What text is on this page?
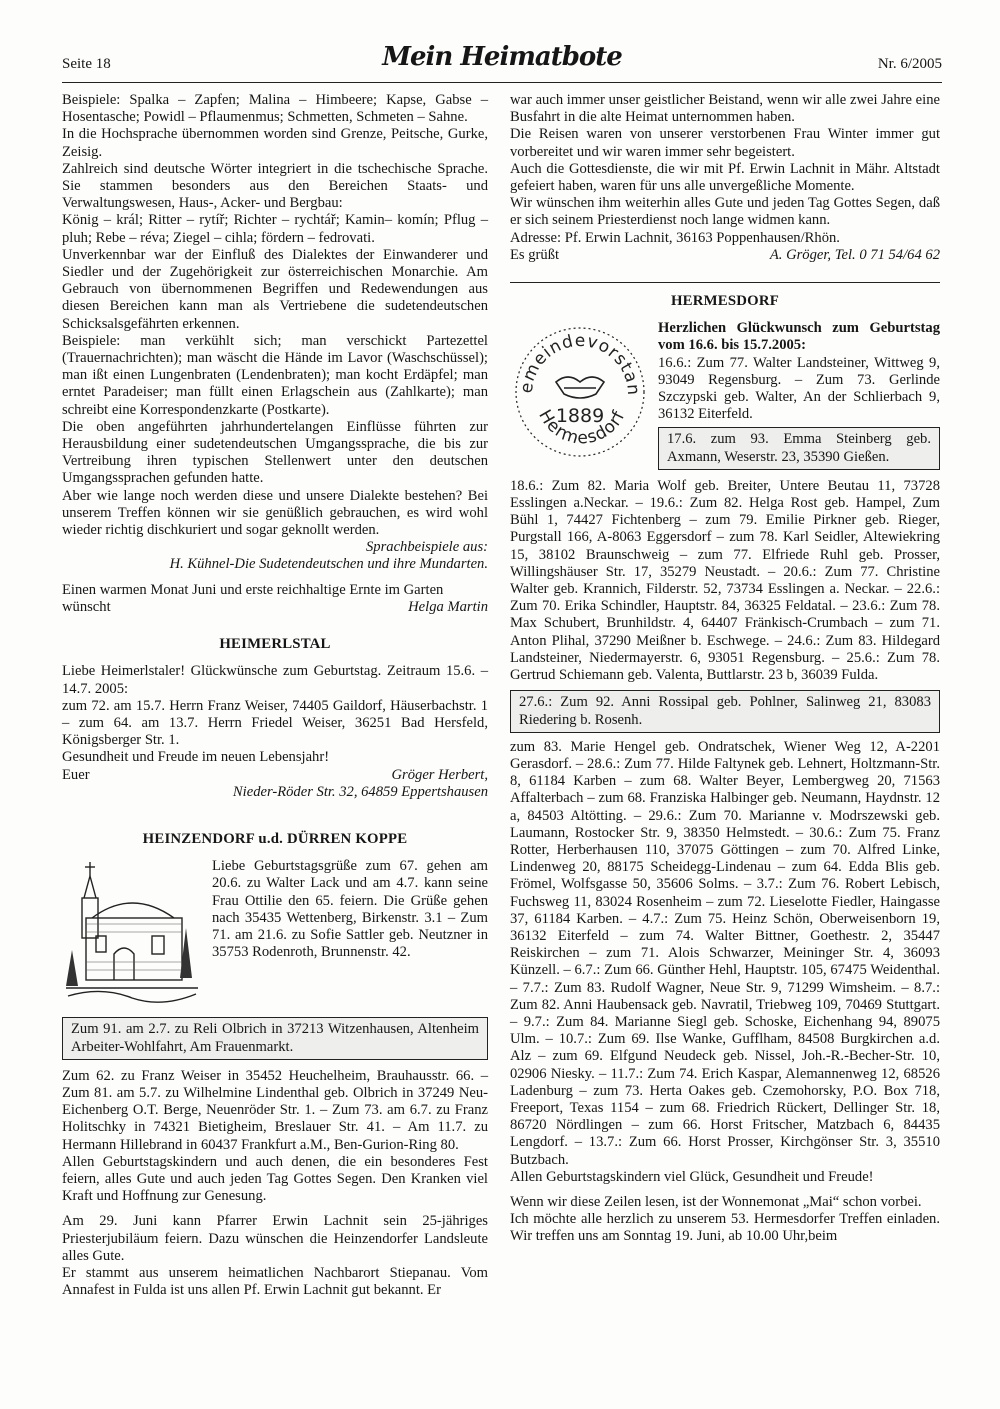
Seite 18	Mein Heimatbote	Nr. 6/2005

Beispiele: Spalka – Zapfen; Malina – Himbeere; Kapse, Gabse – Hosentasche; Powidl – Pflaumenmus; Schmetten, Schmeten – Sahne.

In die Hochsprache übernommen worden sind Grenze, Peitsche, Gurke, Zeisig.

Zahlreich sind deutsche Wörter integriert in die tschechische Sprache. Sie stammen besonders aus den Bereichen Staats- und Verwaltungswesen, Haus-, Acker- und Bergbau:

König – král; Ritter – rytíř; Richter – rychtář; Kamin– komín; Pflug – pluh; Rebe – réva; Ziegel – cihla; fördern – fedrovati.

Unverkennbar war der Einfluß des Dialektes der Einwanderer und Siedler und der Zugehörigkeit zur österreichischen Monarchie. Am Gebrauch von übernommenen Begriffen und Redewendungen aus diesen Bereichen kann man als Vertriebene die sudetendeutschen Schicksalsgefährten erkennen.

Beispiele: man verkühlt sich; man verschickt Partezettel (Trauernachrichten); man wäscht die Hände im Lavor (Waschschüssel); man ißt einen Lungenbraten (Lendenbraten); man kocht Erdäpfel; man erntet Paradeiser; man füllt einen Erlagschein aus (Zahlkarte); man schreibt eine Korrespondenzkarte (Postkarte).

Die oben angeführten jahrhundertelangen Einflüsse führten zur Herausbildung einer sudetendeutschen Umgangssprache, die bis zur Vertreibung ihren typischen Stellenwert unter den deutschen Umgangssprachen gefunden hatte.

Aber wie lange noch werden diese und unsere Dialekte bestehen? Bei unserem Treffen können wir sie genüßlich gebrauchen, es wird wohl wieder richtig dischkuriert und sogar geknollt werden.

Sprachbeispiele aus:

H. Kühnel-Die Sudetendeutschen und ihre Mundarten.

Einen warmen Monat Juni und erste reichhaltige Ernte im Garten

wünscht	Helga Martin
HEIMERLSTAL

Liebe Heimerlstaler! Glückwünsche zum Geburtstag. Zeitraum 15.6. – 14.7. 2005:

zum 72. am 15.7. Herrn Franz Weiser, 74405 Gaildorf, Häuserbachstr. 1 – zum 64. am 13.7. Herrn Friedel Weiser, 36251 Bad Hersfeld, Königsberger Str. 1.

Gesundheit und Freude im neuen Lebensjahr!

Euer	Gröger Herbert,

Nieder-Röder Str. 32, 64859 Eppertshausen

HEINZENDORF u.d. DÜRREN KOPPE

Liebe Geburtstagsgrüße zum 67. gehen am 20.6. zu Walter Lack und am 4.7. kann seine Frau Ottilie den 65. feiern. Die Grüße gehen nach 35435 Wettenberg, Birkenstr. 3.1 – Zum 71. am 21.6. zu Sofie Sattler geb. Neutzner in 35753 Rodenroth, Brunnenstr. 42.

Zum 91. am 2.7. zu Reli Olbrich in 37213 Witzenhausen, Altenheim Arbeiter-Wohlfahrt, Am Frauenmarkt.

Zum 62. zu Franz Weiser in 35452 Heuchelheim, Brauhausstr. 66. – Zum 81. am 5.7. zu Wilhelmine Lindenthal geb. Olbrich in 37249 Neu-Eichenberg O.T. Berge, Neuenröder Str. 1. – Zum 73. am 6.7. zu Franz Holitschky in 74321 Bietigheim, Breslauer Str. 41. – Am 11.7. zu Hermann Hillebrand in 60437 Frankfurt a.M., Ben-Gurion-Ring 80.

Allen Geburtstagskindern und auch denen, die ein besonderes Fest feiern, alles Gute und auch jeden Tag Gottes Segen. Den Kranken viel Kraft und Hoffnung zur Genesung.

Am 29. Juni kann Pfarrer Erwin Lachnit sein 25-jähriges Priesterjubiläum feiern. Dazu wünschen die Heinzendorfer Landsleute alles Gute.

Er stammt aus unserem heimatlichen Nachbarort Stiepanau. Vom Annafest in Fulda ist uns allen Pf. Erwin Lachnit gut bekannt. Er

war auch immer unser geistlicher Beistand, wenn wir alle zwei Jahre eine Busfahrt in die alte Heimat unternommen haben.

Die Reisen waren von unserer verstorbenen Frau Winter immer gut vorbereitet und wir waren immer sehr begeistert.

Auch die Gottesdienste, die wir mit Pf. Erwin Lachnit in Mähr. Altstadt gefeiert haben, waren für uns alle unvergeßliche Momente.

Wir wünschen ihm weiterhin alles Gute und jeden Tag Gottes Segen, daß er sich seinem Priesterdienst noch lange widmen kann.

Adresse: Pf. Erwin Lachnit, 36163 Poppenhausen/Rhön.

Es grüßt	A. Gröger, Tel. 0 71 54/64 62
HERMESDORF
emeindevorstan
Hermesdorf
1889

Herzlichen Glückwunsch zum Geburtstag vom 16.6. bis 15.7.2005:

16.6.: Zum 77. Walter Landsteiner, Wittweg 9, 93049 Regensburg. – Zum 73. Gerlinde Szczypski geb. Walter, An der Schlierbach 9, 36132 Eiterfeld.

17.6. zum 93. Emma Steinberg geb. Axmann, Weserstr. 23, 35390 Gießen.

18.6.: Zum 82. Maria Wolf geb. Breiter, Untere Beutau 11, 73728 Esslingen a.Neckar. – 19.6.: Zum 82. Helga Rost geb. Hampel, Zum Bühl 1, 74427 Fichtenberg – zum 79. Emilie Pirkner geb. Rieger, Purgstall 166, A-8063 Eggersdorf – zum 78. Karl Seidler, Altewiekring 15, 38102 Braunschweig – zum 77. Elfriede Ruhl geb. Prosser, Willingshäuser Str. 17, 35279 Neustadt. – 20.6.: Zum 77. Christine Walter geb. Krannich, Filderstr. 52, 73734 Esslingen a. Neckar. – 22.6.: Zum 70. Erika Schindler, Hauptstr. 84, 36325 Feldatal. – 23.6.: Zum 78. Max Schubert, Brunhildstr. 4, 64407 Fränkisch-Crumbach – zum 71. Anton Plihal, 37290 Meißner b. Eschwege. – 24.6.: Zum 83. Hildegard Landsteiner, Niedermayerstr. 6, 93051 Regensburg. – 25.6.: Zum 78. Gertrud Schiemann geb. Valenta, Buttlarstr. 23 b, 36039 Fulda.

27.6.: Zum 92. Anni Rossipal geb. Pohlner, Salinweg 21, 83083 Riedering b. Rosenh.

zum 83. Marie Hengel geb. Ondratschek, Wiener Weg 12, A-2201 Gerasdorf. – 28.6.: Zum 77. Hilde Faltynek geb. Lehnert, Holtzmann-Str. 8, 61184 Karben – zum 68. Walter Beyer, Lembergweg 20, 71563 Affalterbach – zum 68. Franziska Halbinger geb. Neumann, Haydnstr. 12 a, 84503 Altötting. – 29.6.: Zum 70. Marianne v. Modrszewski geb. Laumann, Rostocker Str. 9, 38350 Helmstedt. – 30.6.: Zum 75. Franz Rotter, Herberhausen 110, 37075 Göttingen – zum 70. Alfred Linke, Lindenweg 20, 88175 Scheidegg-Lindenau – zum 64. Edda Blis geb. Frömel, Wolfsgasse 50, 35606 Solms. – 3.7.: Zum 76. Robert Lebisch, Fuchsweg 11, 83024 Rosenheim – zum 72. Lieselotte Fiedler, Haingasse 37, 61184 Karben. – 4.7.: Zum 75. Heinz Schön, Oberweisenborn 19, 36132 Eiterfeld – zum 74. Walter Bittner, Goethestr. 2, 35447 Reiskirchen – zum 71. Alois Schwarzer, Meininger Str. 4, 36093 Künzell. – 6.7.: Zum 66. Günther Hehl, Hauptstr. 105, 67475 Weidenthal. – 7.7.: Zum 83. Rudolf Wagner, Neue Str. 9, 71299 Wimsheim. – 8.7.: Zum 82. Anni Haubensack geb. Navratil, Triebweg 109, 70469 Stuttgart. – 9.7.: Zum 84. Marianne Siegl geb. Schoske, Eichenhang 94, 89075 Ulm. – 10.7.: Zum 69. Ilse Wanke, Gufflham, 84508 Burgkirchen a.d. Alz – zum 69. Elfgund Neudeck geb. Nissel, Joh.-R.-Becher-Str. 10, 02906 Niesky. – 11.7.: Zum 74. Erich Kaspar, Alemannenweg 12, 68526 Ladenburg – zum 73. Herta Oakes geb. Czemohorsky, P.O. Box 718, Freeport, Texas 1154 – zum 68. Friedrich Rückert, Dellinger Str. 18, 86720 Nördlingen – zum 66. Horst Fritscher, Matzbach 6, 84435 Lengdorf. – 13.7.: Zum 66. Horst Prosser, Kirchgönser Str. 3, 35510 Butzbach.

Allen Geburtstagskindern viel Glück, Gesundheit und Freude!

Wenn wir diese Zeilen lesen, ist der Wonnemonat „Mai“ schon vorbei.

Ich möchte alle herzlich zu unserem 53. Hermesdorfer Treffen einladen. Wir treffen uns am Sonntag 19. Juni, ab 10.00 Uhr,beim
